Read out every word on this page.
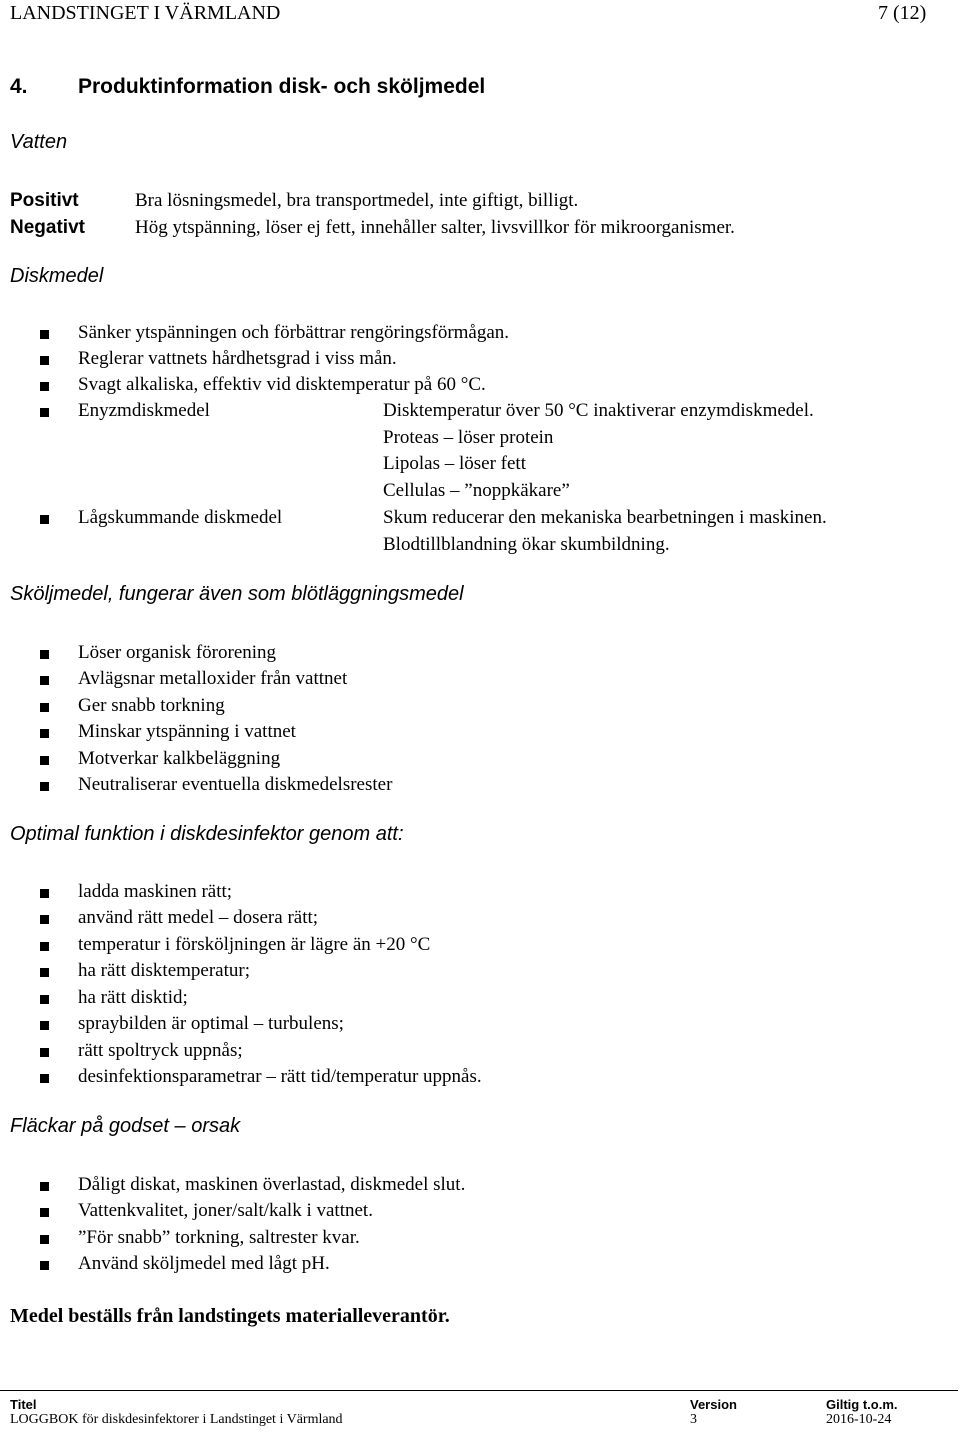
LANDSTINGET I VÄRMLAND	7 (12)
4. Produktinformation disk- och sköljmedel
Vatten
Positivt	Bra lösningsmedel, bra transportmedel, inte giftigt, billigt.
Negativt	Hög ytspänning, löser ej fett, innehåller salter, livsvillkor för mikroorganismer.
Diskmedel
Sänker ytspänningen och förbättrar rengöringsförmågan.
Reglerar vattnets hårdhetsgrad i viss mån.
Svagt alkaliska, effektiv vid disktemperatur på 60 °C.
Enyzmdiskmedel	Disktemperatur över 50 °C inaktiverar enzymdiskmedel.
Proteas – löser protein
Lipolas – löser fett
Cellulas – ”noppkäkare”
Lågskummande diskmedel	Skum reducerar den mekaniska bearbetningen i maskinen.
Blodtillblandning ökar skumbildning.
Sköljmedel, fungerar även som blötläggningsmedel
Löser organisk förorening
Avlägsnar metalloxider från vattnet
Ger snabb torkning
Minskar ytspänning i vattnet
Motverkar kalkbeläggning
Neutraliserar eventuella diskmedelsrester
Optimal funktion i diskdesinfektor genom att:
ladda maskinen rätt;
använd rätt medel – dosera rätt;
temperatur i försköljningen är lägre än +20 °C
ha rätt disktemperatur;
ha rätt disktid;
spraybilden är optimal – turbulens;
rätt spoltryck uppnås;
desinfektionsparametrar – rätt tid/temperatur uppnås.
Fläckar på godset – orsak
Dåligt diskat, maskinen överlastad, diskmedel slut.
Vattenkvalitet, joner/salt/kalk i vattnet.
”För snabb” torkning, saltrester kvar.
Använd sköljmedel med lågt pH.
Medel beställs från landstingets materialleverantör.
Titel
LOGGBOK för diskdesinfektorer i Landstinget i Värmland
Version
3
Giltig t.o.m.
2016-10-24
